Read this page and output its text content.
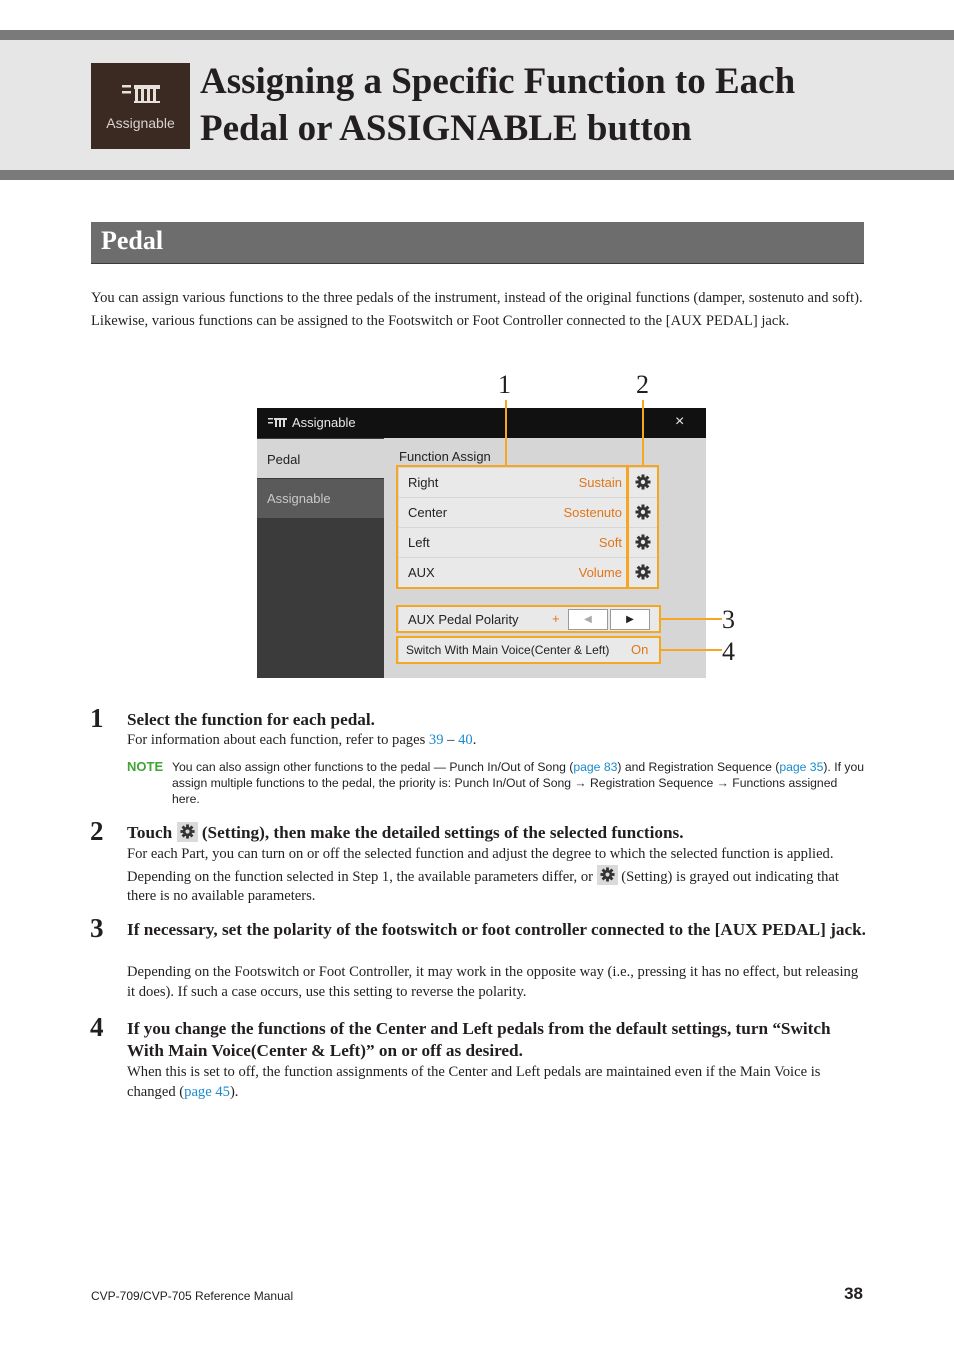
Assignable
Assigning a Specific Function to Each
Pedal or ASSIGNABLE button
Pedal

You can assign various functions to the three pedals of the instrument, instead of the original functions (damper, sostenuto and soft). Likewise, various functions can be assigned to the Footswitch or Foot Controller connected to the [AUX PEDAL] jack.

1	2
3
4
Assignable	×
Pedal
Assignable
Function Assign
Right	Sustain
Center	Sostenuto
Left	Soft
AUX	Volume
AUX Pedal Polarity	+	◀	▶
Switch With Main Voice(Center & Left) On
1 Select the function for each pedal.
For information about each function, refer to pages 39 – 40.
NOTE You can also assign other functions to the pedal — Punch In/Out of Song (page 83) and Registration Sequence (page 35). If you assign multiple functions to the pedal, the priority is: Punch In/Out of Song → Registration Sequence → Functions assigned here.
2 Touch
(Setting), then make the detailed settings of the selected functions.
For each Part, you can turn on or off the selected function and adjust the degree to which the selected function is applied. Depending on the function selected in Step 1, the available parameters differ, or
(Setting) is grayed out indicating that there is no available parameters.
3 If necessary, set the polarity of the footswitch or foot controller connected to the [AUX PEDAL] jack.
Depending on the Footswitch or Foot Controller, it may work in the opposite way (i.e., pressing it has no effect, but releasing it does). If such a case occurs, use this setting to reverse the polarity.
4 If you change the functions of the Center and Left pedals from the default settings, turn “Switch With Main Voice(Center & Left)” on or off as desired.
When this is set to off, the function assignments of the Center and Left pedals are maintained even if the Main Voice is changed (page 45).
CVP-709/CVP-705 Reference Manual	38
